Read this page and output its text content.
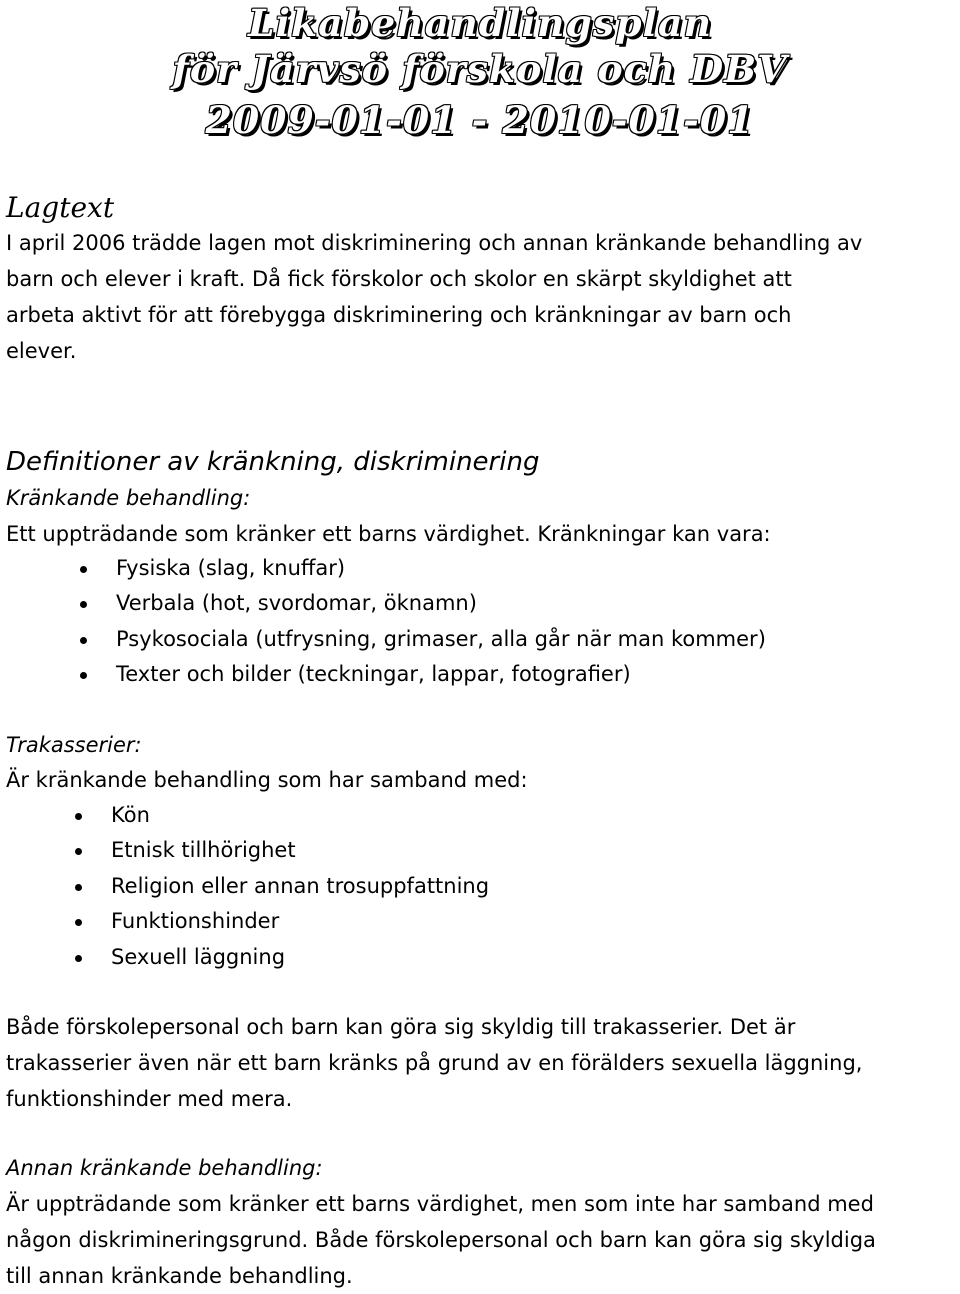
Likabehandlingsplan
för Järvsö förskola och DBV
2009-01-01 - 2010-01-01
Lagtext
I april 2006 trädde lagen mot diskriminering och annan kränkande behandling av
barn och elever i kraft. Då fick förskolor och skolor en skärpt skyldighet att
arbeta aktivt för att förebygga diskriminering och kränkningar av barn och
elever.
Definitioner av kränkning, diskriminering
Kränkande behandling:
Ett uppträdande som kränker ett barns värdighet. Kränkningar kan vara:
Fysiska (slag, knuffar)
Verbala (hot, svordomar, öknamn)
Psykosociala (utfrysning, grimaser, alla går när man kommer)
Texter och bilder (teckningar, lappar, fotografier)
Trakasserier:
Är kränkande behandling som har samband med:
Kön
Etnisk tillhörighet
Religion eller annan trosuppfattning
Funktionshinder
Sexuell läggning
Både förskolepersonal och barn kan göra sig skyldig till trakasserier. Det är
trakasserier även när ett barn kränks på grund av en förälders sexuella läggning,
funktionshinder med mera.
Annan kränkande behandling:
Är uppträdande som kränker ett barns värdighet, men som inte har samband med
någon diskrimineringsgrund. Både förskolepersonal och barn kan göra sig skyldiga
till annan kränkande behandling.
